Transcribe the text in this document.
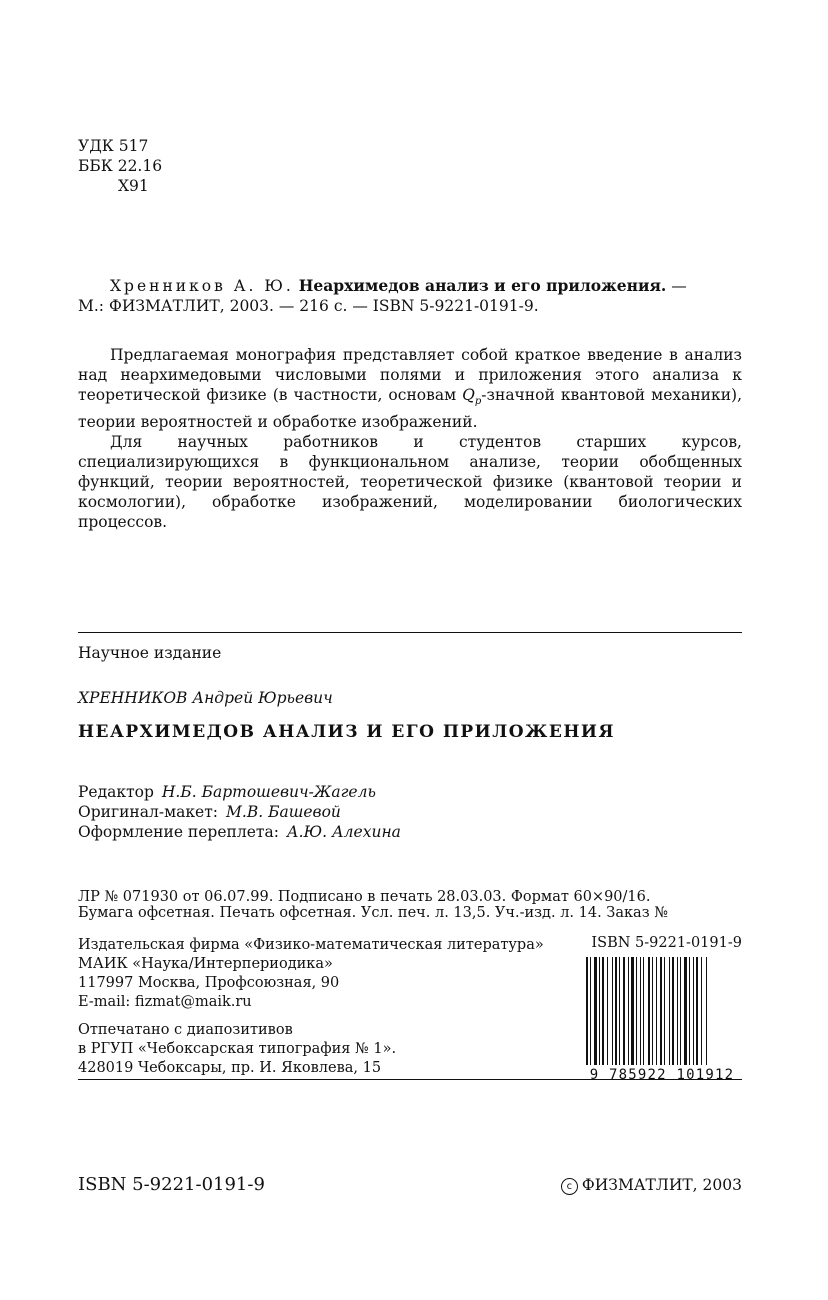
УДК 517
ББК 22.16
Х91
Хренников А. Ю. Неархимедов анализ и его приложения. —
М.: ФИЗМАТЛИТ, 2003. — 216 с. — ISBN 5-9221-0191-9.

Предлагаемая монография представляет собой краткое введение в анализ над неархимедовыми числовыми полями и приложения этого анализа к теоретической физике (в частности, основам $Q_p$-значной квантовой механики), теории вероятностей и обработке изображений.

Для научных работников и студентов старших курсов, специализирующихся в функциональном анализе, теории обобщенных функций, теории вероятностей, теоретической физике (квантовой теории и космологии), обработке изображений, моделировании биологических процессов.

Научное издание
ХРЕННИКОВ Андрей Юрьевич
НЕАРХИМЕДОВ АНАЛИЗ И ЕГО ПРИЛОЖЕНИЯ
Редактор Н.Б. Бартошевич-Жагель
Оригинал-макет: М.В. Башевой
Оформление переплета: А.Ю. Алехина
ЛР № 071930 от 06.07.99. Подписано в печать 28.03.03. Формат 60×90/16.
Бумага офсетная. Печать офсетная. Усл. печ. л. 13,5. Уч.-изд. л. 14. Заказ №
Издательская фирма «Физико-математическая литература»
МАИК «Наука/Интерпериодика»
117997 Москва, Профсоюзная, 90
E-mail: fizmat@maik.ru
Отпечатано с диапозитивов
в РГУП «Чебоксарская типография № 1».
428019 Чебоксары, пр. И. Яковлева, 15
ISBN 5-9221-0191-9
9 785922 101912
ISBN 5-9221-0191-9	c ФИЗМАТЛИТ, 2003
